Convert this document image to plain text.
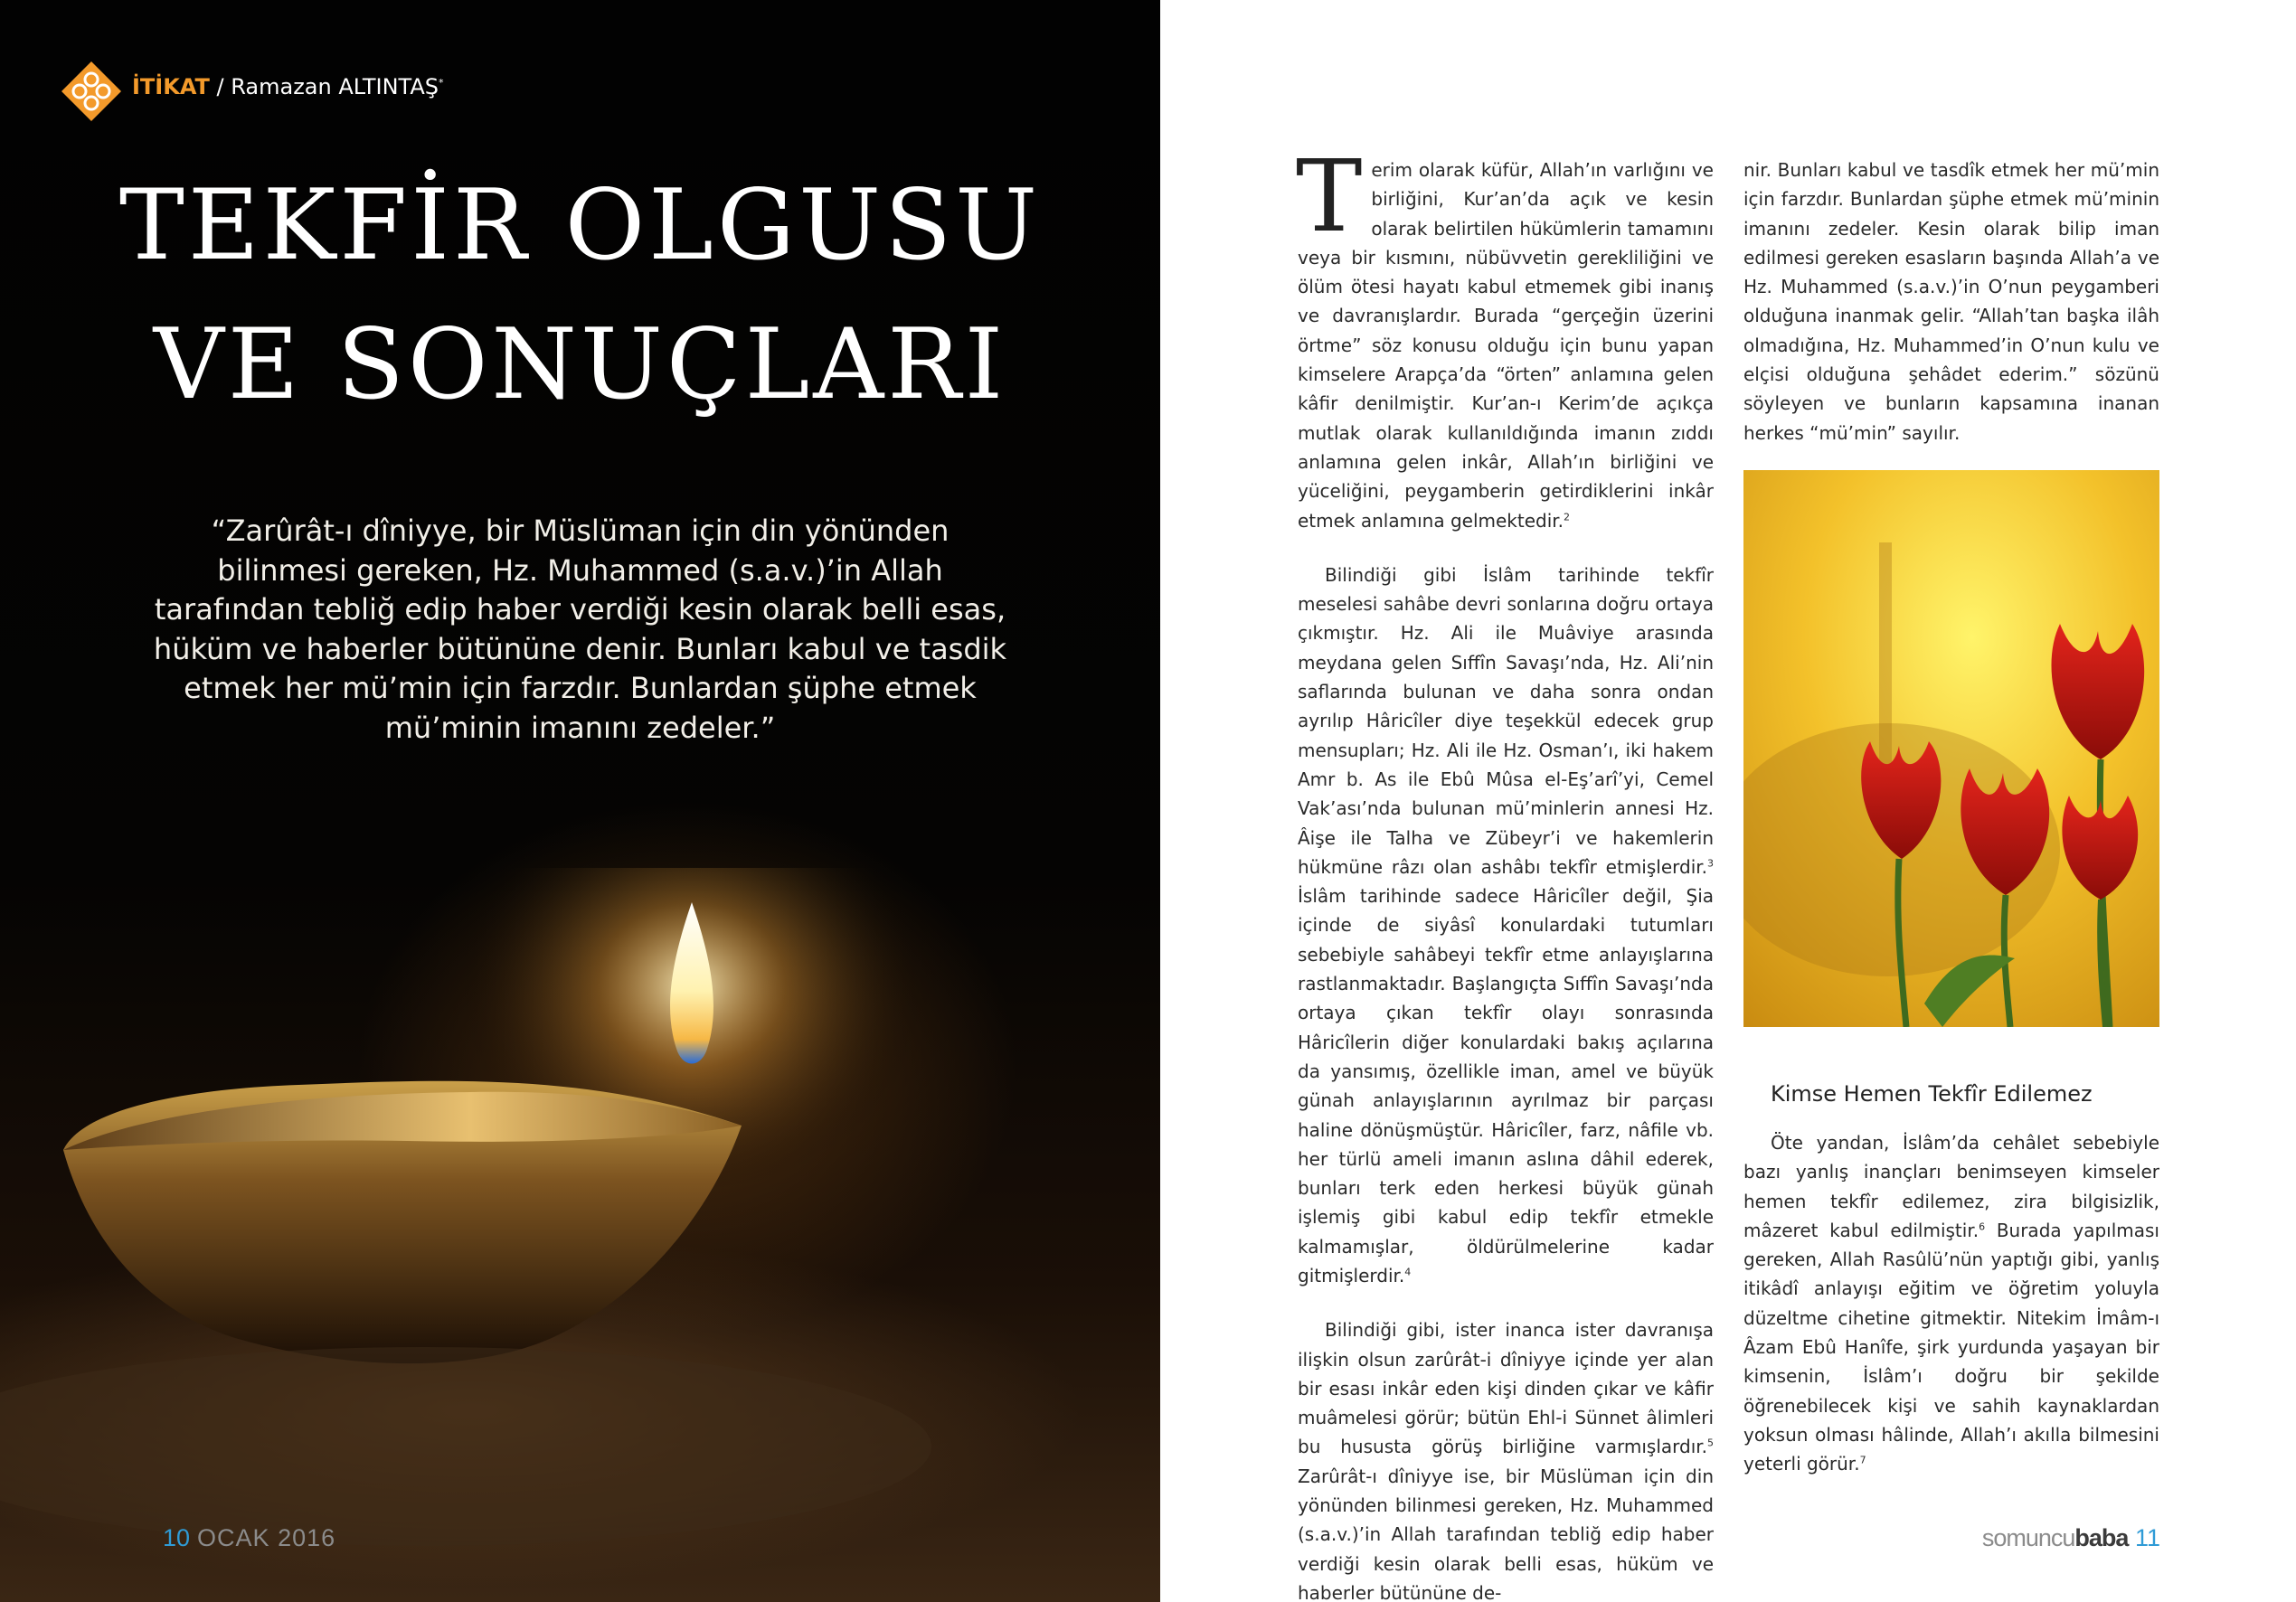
İTİKAT / Ramazan ALTINTAŞ*
TEKFİR OLGUSU
VE SONUÇLARI
“Zarûrât-ı dîniyye, bir Müslüman için din yönünden bilinmesi gereken, Hz. Muhammed (s.a.v.)’in Allah tarafından tebliğ edip haber verdiği kesin olarak belli esas, hüküm ve haberler bütününe denir. Bunları kabul ve tasdik etmek her mü’min için farzdır. Bunlardan şüphe etmek mü’minin imanını zedeler.”
10 OCAK 2016

Terim olarak küfür, Allah’ın varlığını ve birliğini, Kur’an’da açık ve kesin olarak belirtilen hükümlerin tamamını veya bir kısmını, nübüvvetin gerekliliğini ve ölüm ötesi hayatı kabul etmemek gibi inanış ve davranışlardır. Burada “gerçeğin üzerini örtme” söz konusu olduğu için bunu yapan kimselere Arapça’da “örten” anlamına gelen kâfir denilmiştir. Kur’an-ı Kerim’de açıkça mutlak olarak kullanıldığında imanın zıddı anlamına gelen inkâr, Allah’ın birliğini ve yüceliğini, peygamberin getirdiklerini inkâr etmek anlamına gelmektedir.$^2$

Bilindiği gibi İslâm tarihinde tekfîr meselesi sahâbe devri sonlarına doğru ortaya çıkmıştır. Hz. Ali ile Muâviye arasında meydana gelen Sıffîn Savaşı’nda, Hz. Ali’nin saflarında bulunan ve daha sonra ondan ayrılıp Hâricîler diye teşekkül edecek grup mensupları; Hz. Ali ile Hz. Osman’ı, iki hakem Amr b. As ile Ebû Mûsa el-Eş’arî’yi, Cemel Vak’ası’nda bulunan mü’minlerin annesi Hz. Âişe ile Talha ve Zübeyr’i ve hakemlerin hükmüne râzı olan ashâbı tekfîr etmişlerdir.$^3$ İslâm tarihinde sadece Hâricîler değil, Şia içinde de siyâsî konulardaki tutumları sebebiyle sahâbeyi tekfîr etme anlayışlarına rastlanmaktadır. Başlangıçta Sıffîn Savaşı’nda ortaya çıkan tekfîr olayı sonrasında Hâricîlerin diğer konulardaki bakış açılarına da yansımış, özellikle iman, amel ve büyük günah anlayışlarının ayrılmaz bir parçası haline dönüşmüştür. Hâricîler, farz, nâfile vb. her türlü ameli imanın aslına dâhil ederek, bunları terk eden herkesi büyük günah işlemiş gibi kabul edip tekfîr etmekle kalmamışlar, öldürülmelerine kadar gitmişlerdir.$^4$

Bilindiği gibi, ister inanca ister davranışa ilişkin olsun zarûrât-i dîniyye içinde yer alan bir esası inkâr eden kişi dinden çıkar ve kâfir muâmelesi görür; bütün Ehl-i Sünnet âlimleri bu hususta görüş birliğine varmışlardır.$^5$ Zarûrât-ı dîniyye ise, bir Müslüman için din yönünden bilinmesi gereken, Hz. Muhammed (s.a.v.)’in Allah tarafından tebliğ edip haber verdiği kesin olarak belli esas, hüküm ve haberler bütününe de-

nir. Bunları kabul ve tasdîk etmek her mü’min için farzdır. Bunlardan şüphe etmek mü’minin imanını zedeler. Kesin olarak bilip iman edilmesi gereken esasların başında Allah’a ve Hz. Muhammed (s.a.v.)’in O’nun peygamberi olduğuna inanmak gelir. “Allah’tan başka ilâh olmadığına, Hz. Muhammed’in O’nun kulu ve elçisi olduğuna şehâdet ederim.” sözünü söyleyen ve bunların kapsamına inanan herkes “mü’min” sayılır.

Kimse Hemen Tekfîr Edilemez

Öte yandan, İslâm’da cehâlet sebebiyle bazı yanlış inançları benimseyen kimseler hemen tekfîr edilemez, zira bilgisizlik, mâzeret kabul edilmiştir.$^6$ Burada yapılması gereken, Allah Rasûlü’nün yaptığı gibi, yanlış itikâdî anlayışı eğitim ve öğretim yoluyla düzeltme cihetine gitmektir. Nitekim İmâm-ı Âzam Ebû Hanîfe, şirk yurdunda yaşayan bir kimsenin, İslâm’ı doğru bir şekilde öğrenebilecek kişi ve sahih kaynaklardan yoksun olması hâlinde, Allah’ı akılla bilmesini yeterli görür.$^7$

somuncubaba 11
